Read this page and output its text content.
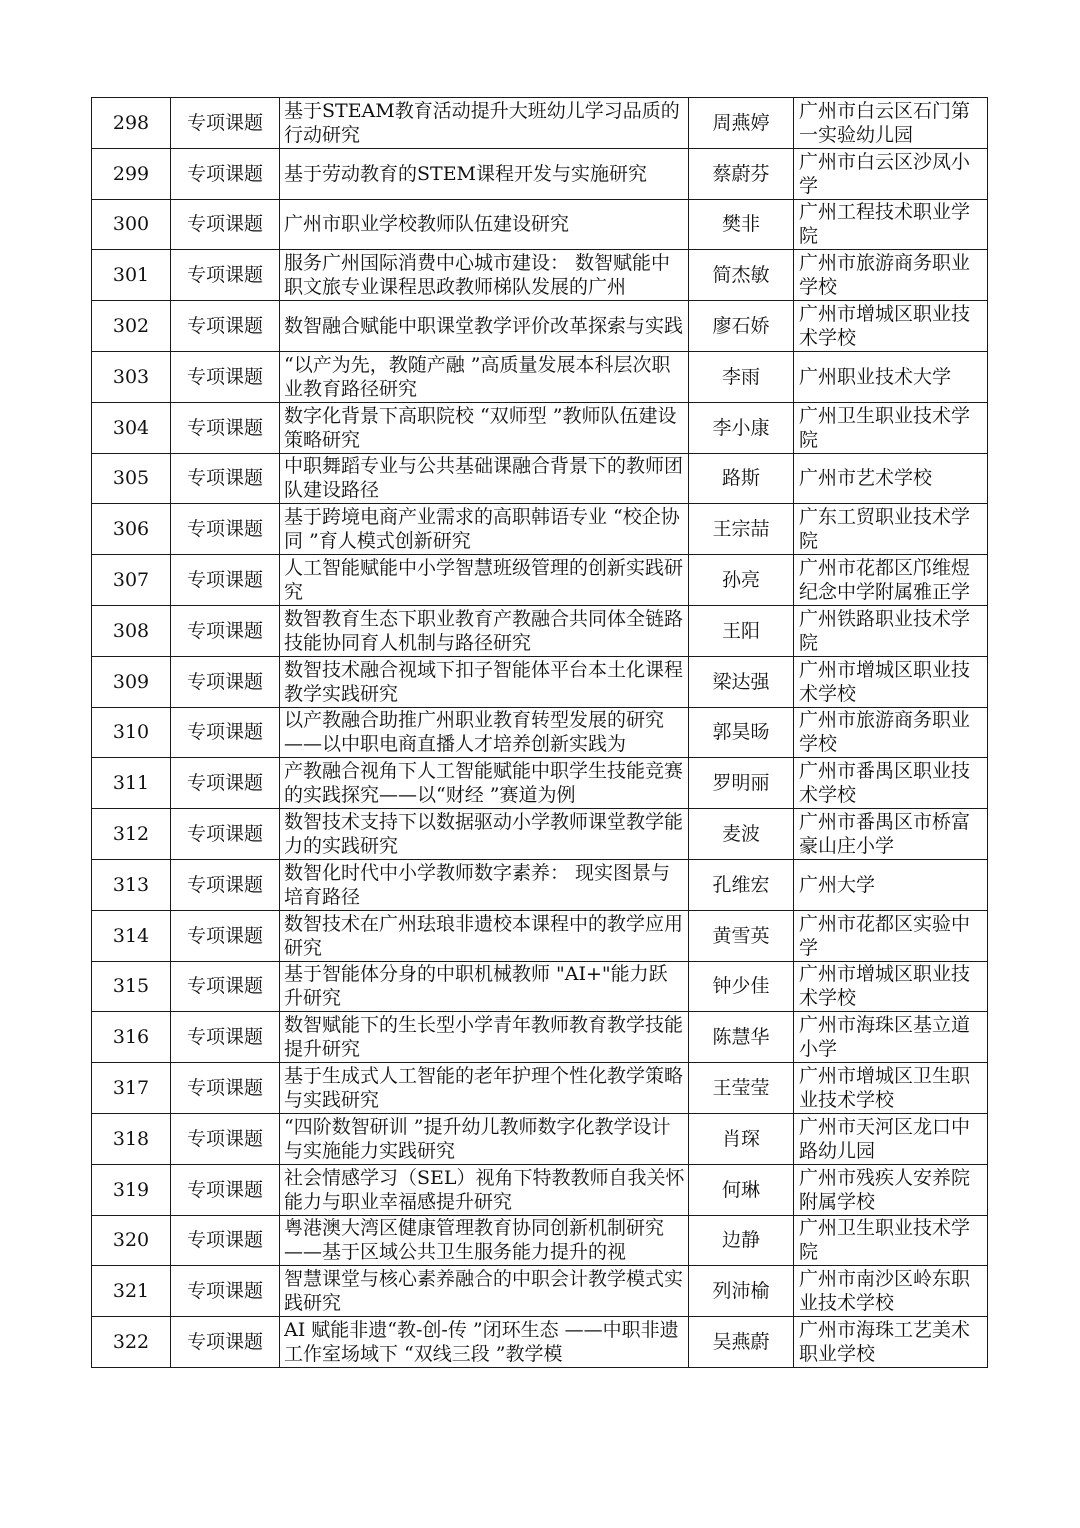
298	专项课题	基于STEAM教育活动提升大班幼儿学习品质的行动研究	周燕婷	广州市白云区石门第一实验幼儿园

299	专项课题	基于劳动教育的STEM课程开发与实施研究	蔡蔚芬	广州市白云区沙凤小学

300	专项课题	广州市职业学校教师队伍建设研究	樊非	广州工程技术职业学院

301	专项课题	服务广州国际消费中心城市建设： 数智赋能中职文旅专业课程思政教师梯队发展的广州	简杰敏	广州市旅游商务职业学校

302	专项课题	数智融合赋能中职课堂教学评价改革探索与实践	廖石娇	广州市增城区职业技术学校

303	专项课题	“以产为先，教随产融 ”高质量发展本科层次职业教育路径研究	李雨	广州职业技术大学

304	专项课题	数字化背景下高职院校 “双师型 ”教师队伍建设策略研究	李小康	广州卫生职业技术学院

305	专项课题	中职舞蹈专业与公共基础课融合背景下的教师团队建设路径	路斯	广州市艺术学校

306	专项课题	基于跨境电商产业需求的高职韩语专业 “校企协同 ”育人模式创新研究	王宗喆	广东工贸职业技术学院

307	专项课题	人工智能赋能中小学智慧班级管理的创新实践研究	孙亮	广州市花都区邝维煜纪念中学附属雅正学

308	专项课题	数智教育生态下职业教育产教融合共同体全链路技能协同育人机制与路径研究	王阳	广州铁路职业技术学院

309	专项课题	数智技术融合视域下扣子智能体平台本土化课程教学实践研究	梁达强	广州市增城区职业技术学校

310	专项课题	以产教融合助推广州职业教育转型发展的研究——以中职电商直播人才培养创新实践为	郭昊旸	广州市旅游商务职业学校

311	专项课题	产教融合视角下人工智能赋能中职学生技能竞赛的实践探究——以“财经 ”赛道为例	罗明丽	广州市番禺区职业技术学校

312	专项课题	数智技术支持下以数据驱动小学教师课堂教学能力的实践研究	麦波	广州市番禺区市桥富豪山庄小学

313	专项课题	数智化时代中小学教师数字素养： 现实图景与培育路径	孔维宏	广州大学

314	专项课题	数智技术在广州珐琅非遗校本课程中的教学应用研究	黄雪英	广州市花都区实验中学

315	专项课题	基于智能体分身的中职机械教师 "AI+"能力跃升研究	钟少佳	广州市增城区职业技术学校

316	专项课题	数智赋能下的生长型小学青年教师教育教学技能提升研究	陈慧华	广州市海珠区基立道小学

317	专项课题	基于生成式人工智能的老年护理个性化教学策略与实践研究	王莹莹	广州市增城区卫生职业技术学校

318	专项课题	“四阶数智研训 ”提升幼儿教师数字化教学设计与实施能力实践研究	肖琛	广州市天河区龙口中路幼儿园

319	专项课题	社会情感学习（SEL）视角下特教教师自我关怀能力与职业幸福感提升研究	何琳	广州市残疾人安养院附属学校

320	专项课题	粤港澳大湾区健康管理教育协同创新机制研究——基于区域公共卫生服务能力提升的视	边静	广州卫生职业技术学院

321	专项课题	智慧课堂与核心素养融合的中职会计教学模式实践研究	列沛榆	广州市南沙区岭东职业技术学校

322	专项课题	AI 赋能非遗“教-创-传 ”闭环生态 ——中职非遗工作室场域下 “双线三段 ”教学模	吴燕蔚	广州市海珠工艺美术职业学校
